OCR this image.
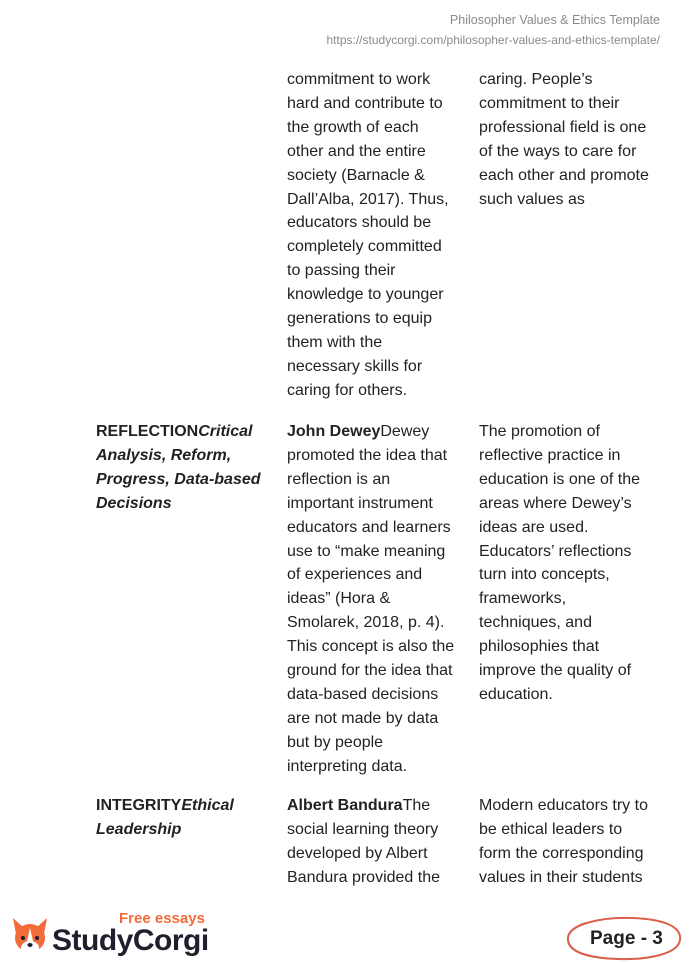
Philosopher Values & Ethics Template
https://studycorgi.com/philosopher-values-and-ethics-template/
commitment to work hard and contribute to the growth of each other and the entire society (Barnacle & Dall’Alba, 2017). Thus, educators should be completely committed to passing their knowledge to younger generations to equip them with the necessary skills for caring for others.
caring. People’s commitment to their professional field is one of the ways to care for each other and promote such values as
REFLECTIONCritical Analysis, Reform, Progress, Data-based Decisions
John DeweyDewey promoted the idea that reflection is an important instrument educators and learners use to “make meaning of experiences and ideas” (Hora & Smolarek, 2018, p. 4). This concept is also the ground for the idea that data-based decisions are not made by data but by people interpreting data.
The promotion of reflective practice in education is one of the areas where Dewey’s ideas are used. Educators’ reflections turn into concepts, frameworks, techniques, and philosophies that improve the quality of education.
INTEGRITYEthical Leadership
Albert BanduraThe social learning theory developed by Albert Bandura provided the
Modern educators try to be ethical leaders to form the corresponding values in their students
Free essays
StudyCorgi	Page - 3
